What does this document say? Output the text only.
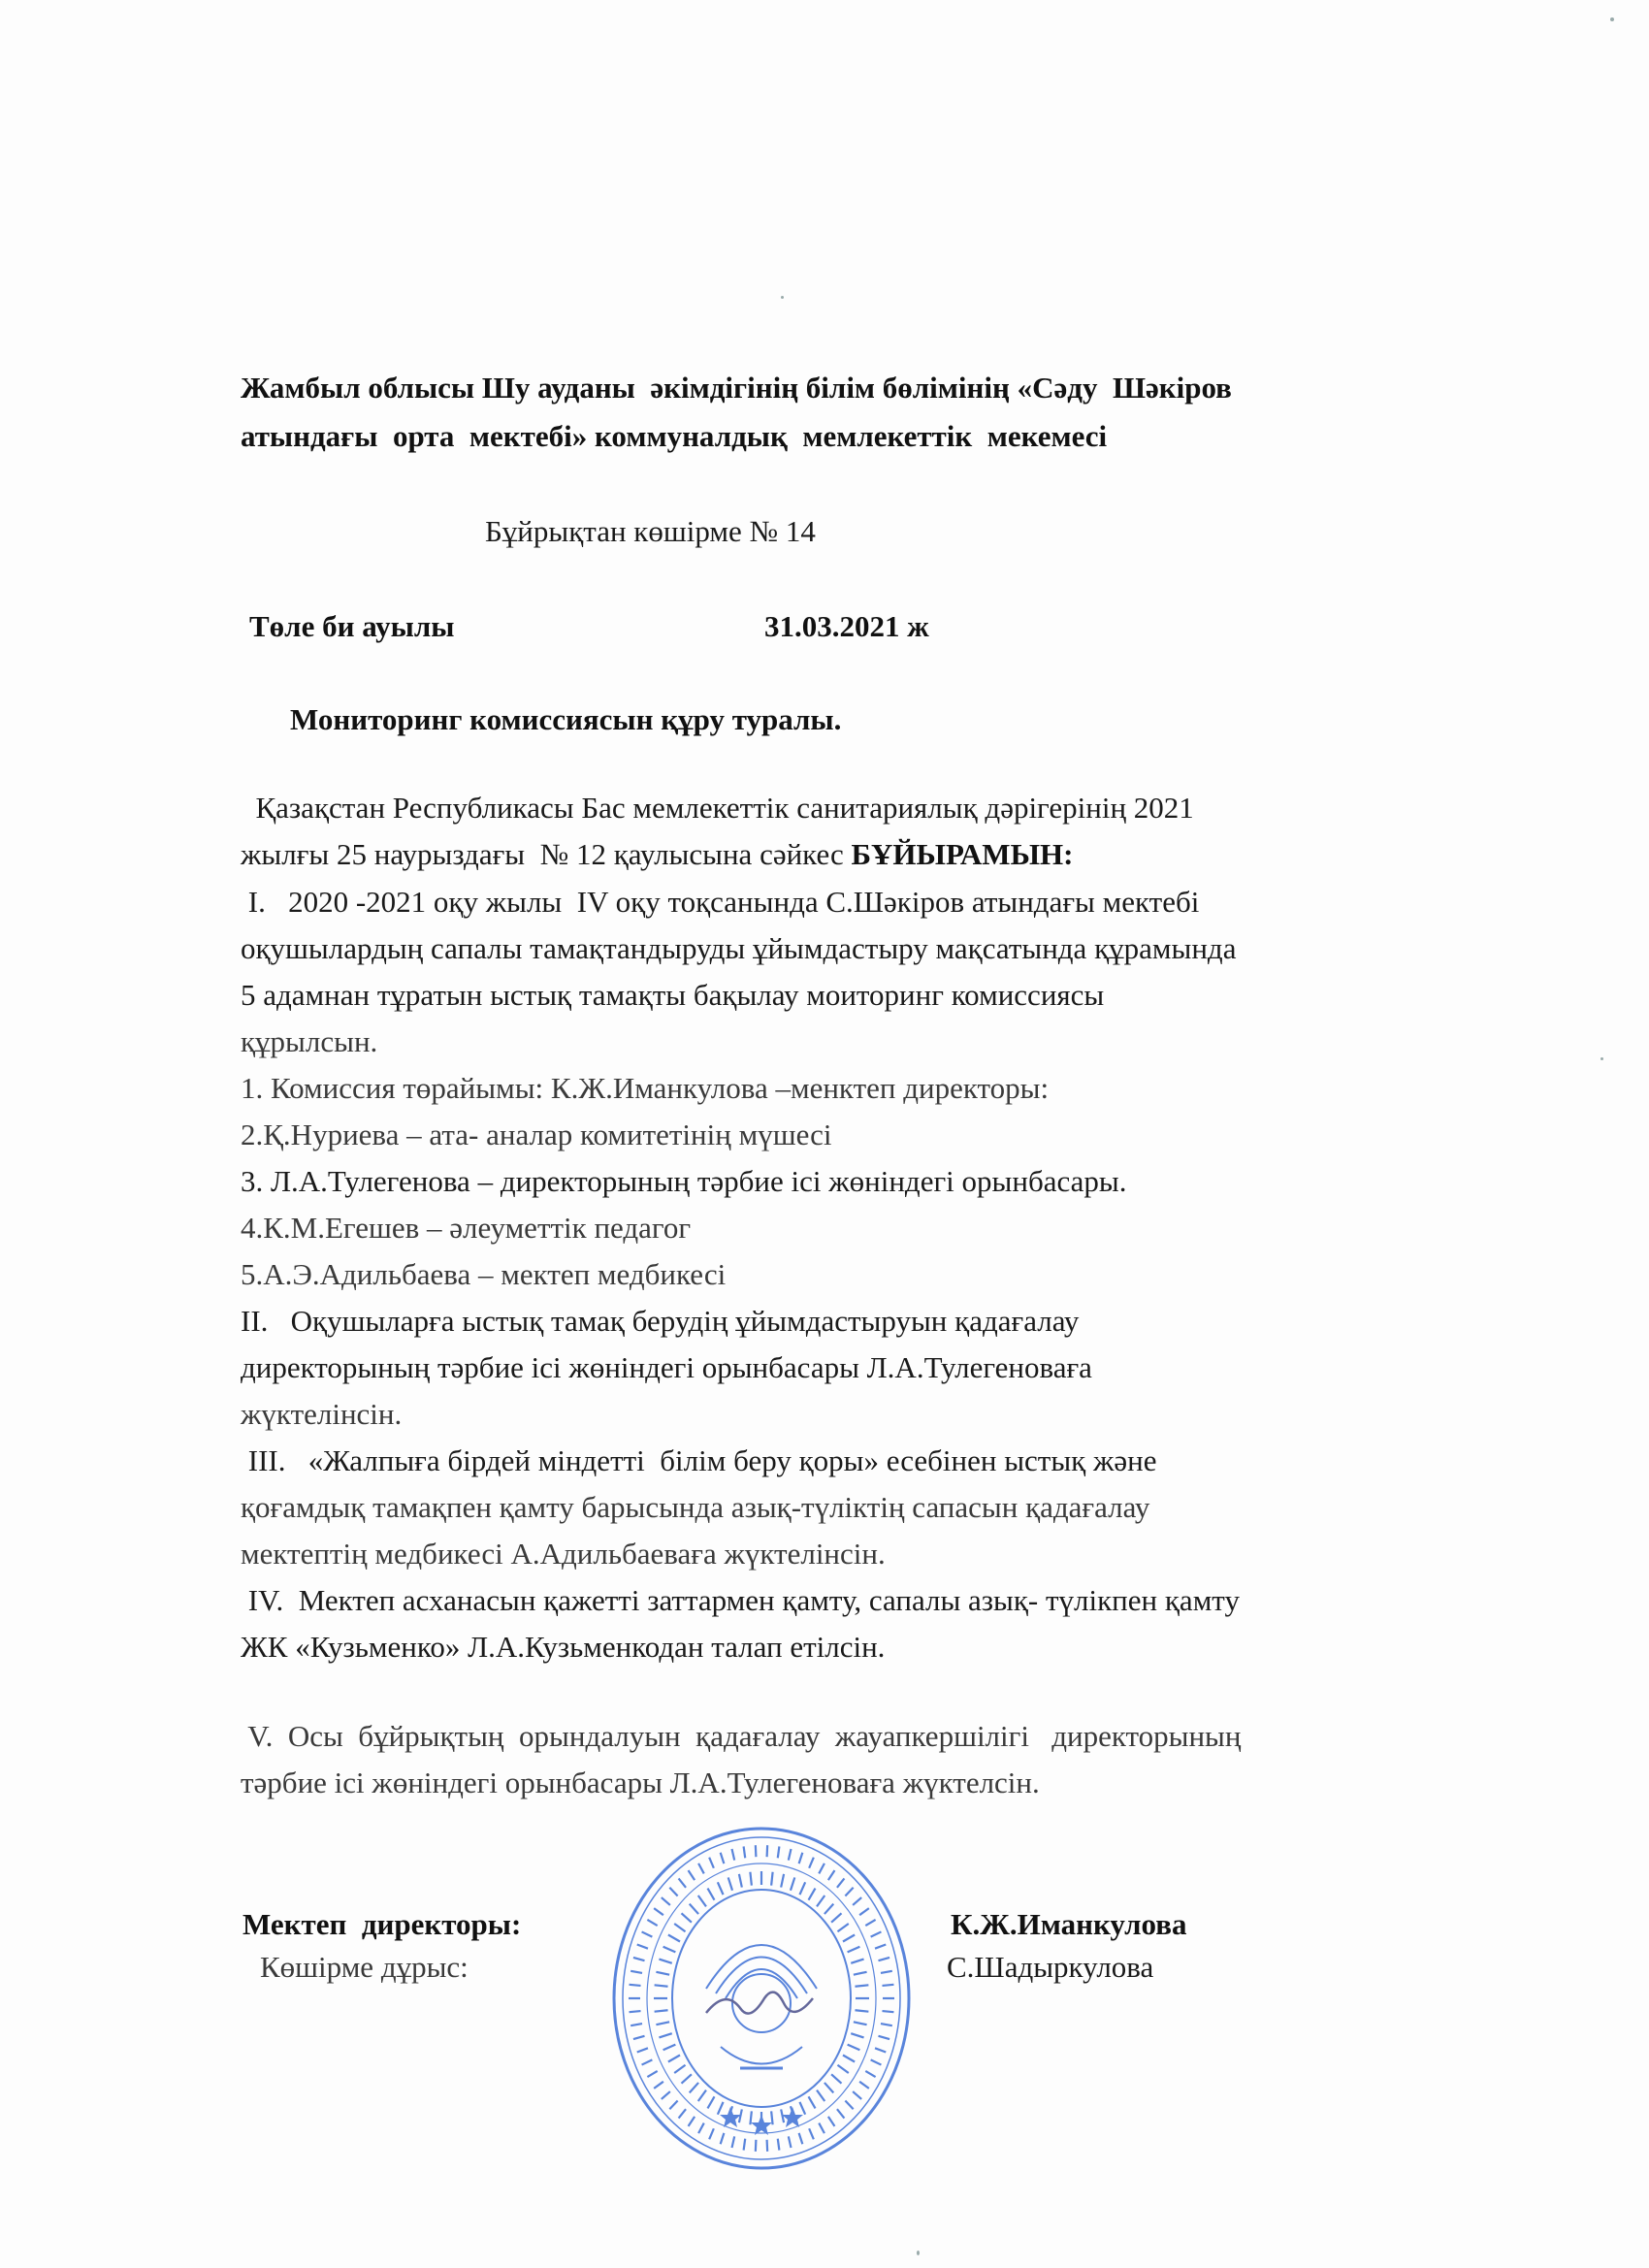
Жамбыл облысы Шу ауданы  әкімдігінің білім бөлімінің «Сәду  Шәкіров
атындағы  орта  мектебі» коммуналдық  мемлекеттік  мекемесі
Бұйрықтан көшірме № 14
Төле би ауылы	31.03.2021 ж
Мониторинг комиссиясын құру туралы.
Қазақстан Республикасы Бас мемлекеттік санитариялық дәрігерінің 2021
жылғы 25 наурыздағы  № 12 қаулысына сәйкес БҰЙЫРАМЫН:
I.   2020 -2021 оқу жылы  IV оқу тоқсанында С.Шәкіров атындағы мектебі
оқушылардың сапалы тамақтандыруды ұйымдастыру мақсатында құрамында
5 адамнан тұратын ыстық тамақты бақылау моиторинг комиссиясы
құрылсын.
1. Комиссия төрайымы: К.Ж.Иманкулова –менктеп директоры:
2.Қ.Нуриева – ата- аналар комитетінің мүшесі
3. Л.А.Тулегенова – директорының тәрбие ісі жөніндегі орынбасары.
4.К.М.Егешев – әлеуметтік педагог
5.А.Э.Адильбаева – мектеп медбикесі
II.   Оқушыларға ыстық тамақ берудің ұйымдастыруын қадағалау
директорының тәрбие ісі жөніндегі орынбасары Л.А.Тулегеноваға
жүктелінсін.
III.   «Жалпыға бірдей міндетті  білім беру қоры» есебінен ыстық және
қоғамдық тамақпен қамту барысында азық-түліктің сапасын қадағалау
мектептің медбикесі А.Адильбаеваға жүктелінсін.
IV.  Мектеп асханасын қажетті заттармен қамту, сапалы азық- түлікпен қамту
ЖК «Кузьменко» Л.А.Кузьменкодан талап етілсін.
V.  Осы  бұйрықтың  орындалуын  қадағалау  жауапкершілігі   директорының
тәрбие ісі жөніндегі орынбасары Л.А.Тулегеноваға жүктелсін.
Мектеп  директоры:	К.Ж.Иманкулова
Көшірме дұрыс:	С.Шадыркулова
